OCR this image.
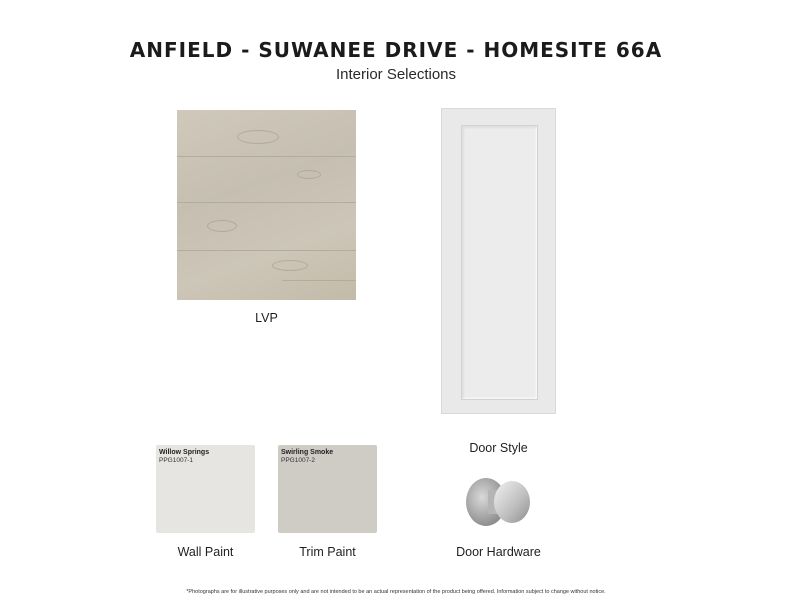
ANFIELD - SUWANEE DRIVE - HOMESITE 66A
Interior Selections
LVP
Door Style
Willow Springs
PPG1007-1
Wall Paint
Swirling Smoke
PPG1007-2
Trim Paint	Door Hardware
*Photographs are for illustrative purposes only and are not intended to be an actual representation of the product being offered. Information subject to change without notice.
